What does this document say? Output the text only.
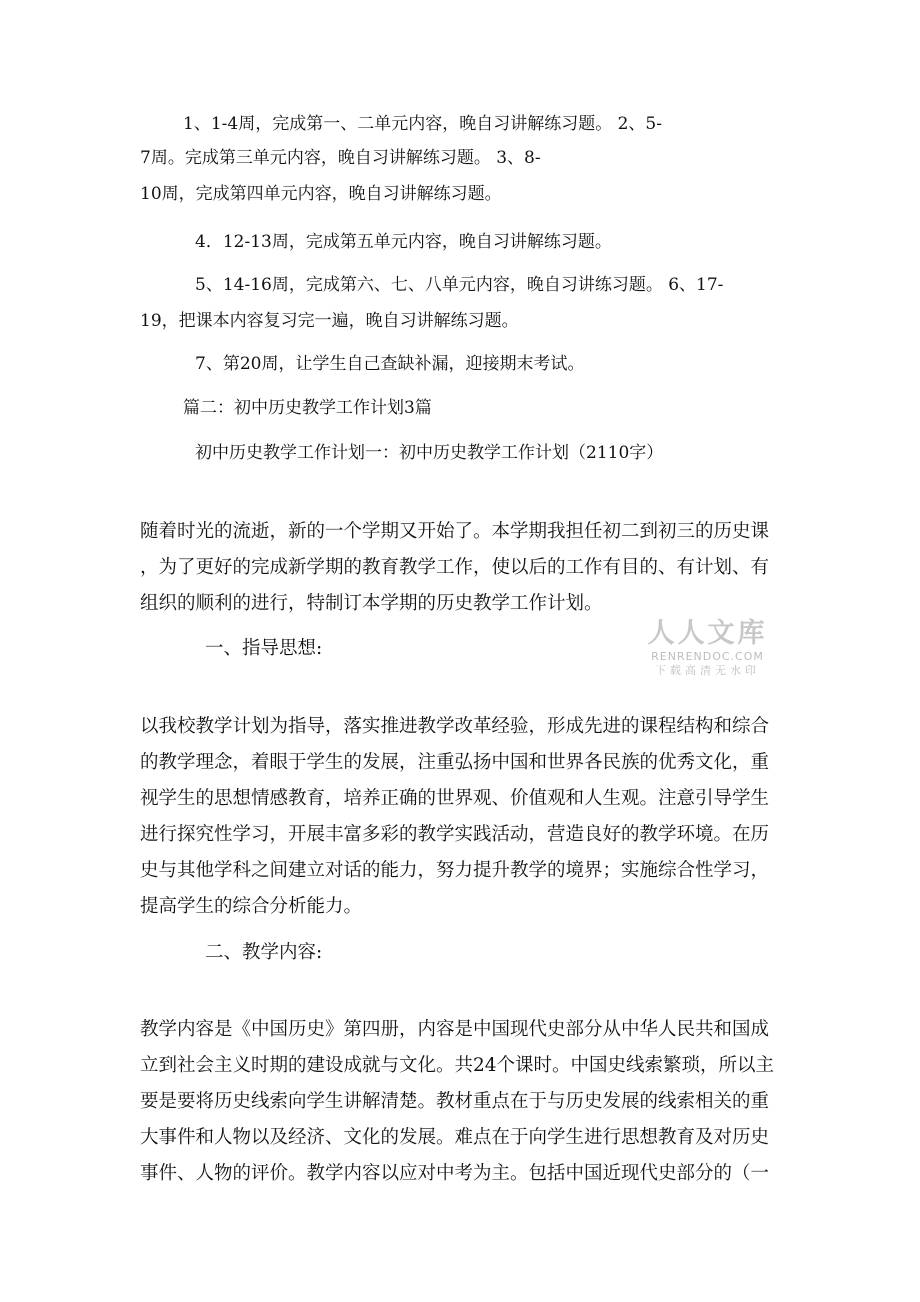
1、1-4周，完成第一、二单元内容，晚自习讲解练习题。 2、5-

7周。完成第三单元内容，晚自习讲解练习题。 3、8-

10周，完成第四单元内容，晚自习讲解练习题。

4．12-13周，完成第五单元内容，晚自习讲解练习题。

5、14-16周，完成第六、七、八单元内容，晚自习讲练习题。 6、17-

19，把课本内容复习完一遍，晚自习讲解练习题。

7、第20周，让学生自己查缺补漏，迎接期末考试。

篇二：初中历史教学工作计划3篇

初中历史教学工作计划一：初中历史教学工作计划（2110字）

随着时光的流逝，新的一个学期又开始了。本学期我担任初二到初三的历史课

，为了更好的完成新学期的教育教学工作，使以后的工作有目的、有计划、有

组织的顺利的进行，特制订本学期的历史教学工作计划。

一、指导思想:

以我校教学计划为指导，落实推进教学改革经验，形成先进的课程结构和综合

的教学理念，着眼于学生的发展，注重弘扬中国和世界各民族的优秀文化，重

视学生的思想情感教育，培养正确的世界观、价值观和人生观。注意引导学生

进行探究性学习，开展丰富多彩的教学实践活动，营造良好的教学环境。在历

史与其他学科之间建立对话的能力，努力提升教学的境界；实施综合性学习，

提高学生的综合分析能力。

二、教学内容:

教学内容是《中国历史》第四册，内容是中国现代史部分从中华人民共和国成

立到社会主义时期的建设成就与文化。共24个课时。中国史线索繁琐，所以主

要是要将历史线索向学生讲解清楚。教材重点在于与历史发展的线索相关的重

大事件和人物以及经济、文化的发展。难点在于向学生进行思想教育及对历史

事件、人物的评价。教学内容以应对中考为主。包括中国近现代史部分的（一

人人文库
RENRENDOC.COM
下载高清无水印
